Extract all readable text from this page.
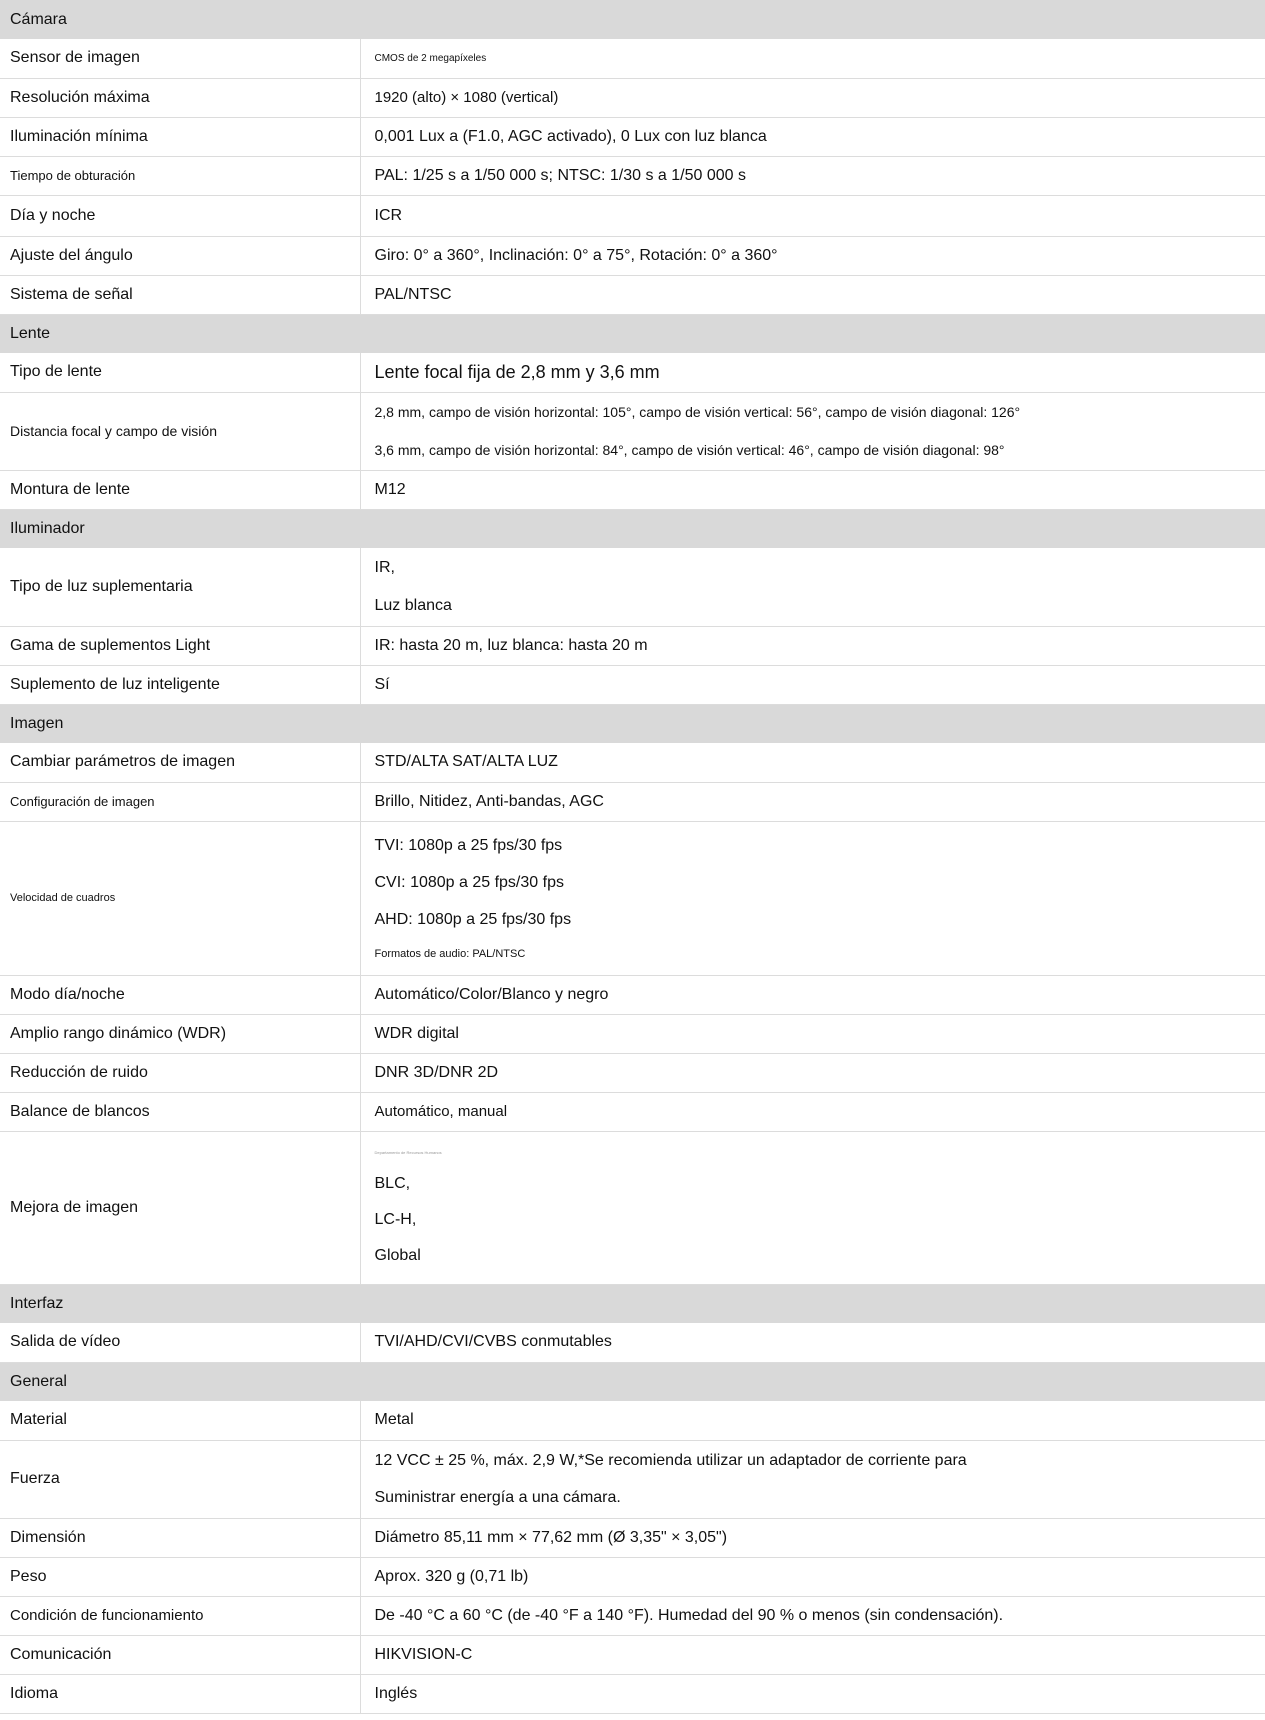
Cámara	
Sensor de imagen	CMOS de 2 megapíxeles
Resolución máxima	1920 (alto) × 1080 (vertical)
Iluminación mínima	0,001 Lux a (F1.0, AGC activado), 0 Lux con luz blanca
Tiempo de obturación	PAL: 1/25 s a 1/50 000 s; NTSC: 1/30 s a 1/50 000 s
Día y noche	ICR
Ajuste del ángulo	Giro: 0° a 360°, Inclinación: 0° a 75°, Rotación: 0° a 360°
Sistema de señal	PAL/NTSC
Lente	
Tipo de lente	Lente focal fija de 2,8 mm y 3,6 mm
Distancia focal y campo de visión	2,8 mm, campo de visión horizontal: 105°, campo de visión vertical: 56°, campo de visión diagonal: 126°

3,6 mm, campo de visión horizontal: 84°, campo de visión vertical: 46°, campo de visión diagonal: 98°

Montura de lente	M12
Iluminador	
Tipo de luz suplementaria	IR,

Luz blanca

Gama de suplementos Light	IR: hasta 20 m, luz blanca: hasta 20 m
Suplemento de luz inteligente	Sí
Imagen	
Cambiar parámetros de imagen	STD/ALTA SAT/ALTA LUZ
Configuración de imagen	Brillo, Nitidez, Anti-bandas, AGC
Velocidad de cuadros	TVI: 1080p a 25 fps/30 fps

CVI: 1080p a 25 fps/30 fps

AHD: 1080p a 25 fps/30 fps

Formatos de audio: PAL/NTSC

Modo día/noche	Automático/Color/Blanco y negro
Amplio rango dinámico (WDR)	WDR digital
Reducción de ruido	DNR 3D/DNR 2D
Balance de blancos	Automático, manual
Mejora de imagen	Departamento de Recursos Humanos

BLC,

LC-H,

Global

Interfaz	
Salida de vídeo	TVI/AHD/CVI/CVBS conmutables
General	
Material	Metal
Fuerza	12 VCC ± 25 %, máx. 2,9 W,*Se recomienda utilizar un adaptador de corriente para

Suministrar energía a una cámara.

Dimensión	Diámetro 85,11 mm × 77,62 mm (Ø 3,35" × 3,05")
Peso	Aprox. 320 g (0,71 lb)
Condición de funcionamiento	De -40 °C a 60 °C (de -40 °F a 140 °F). Humedad del 90 % o menos (sin condensación).
Comunicación	HIKVISION-C
Idioma	Inglés
